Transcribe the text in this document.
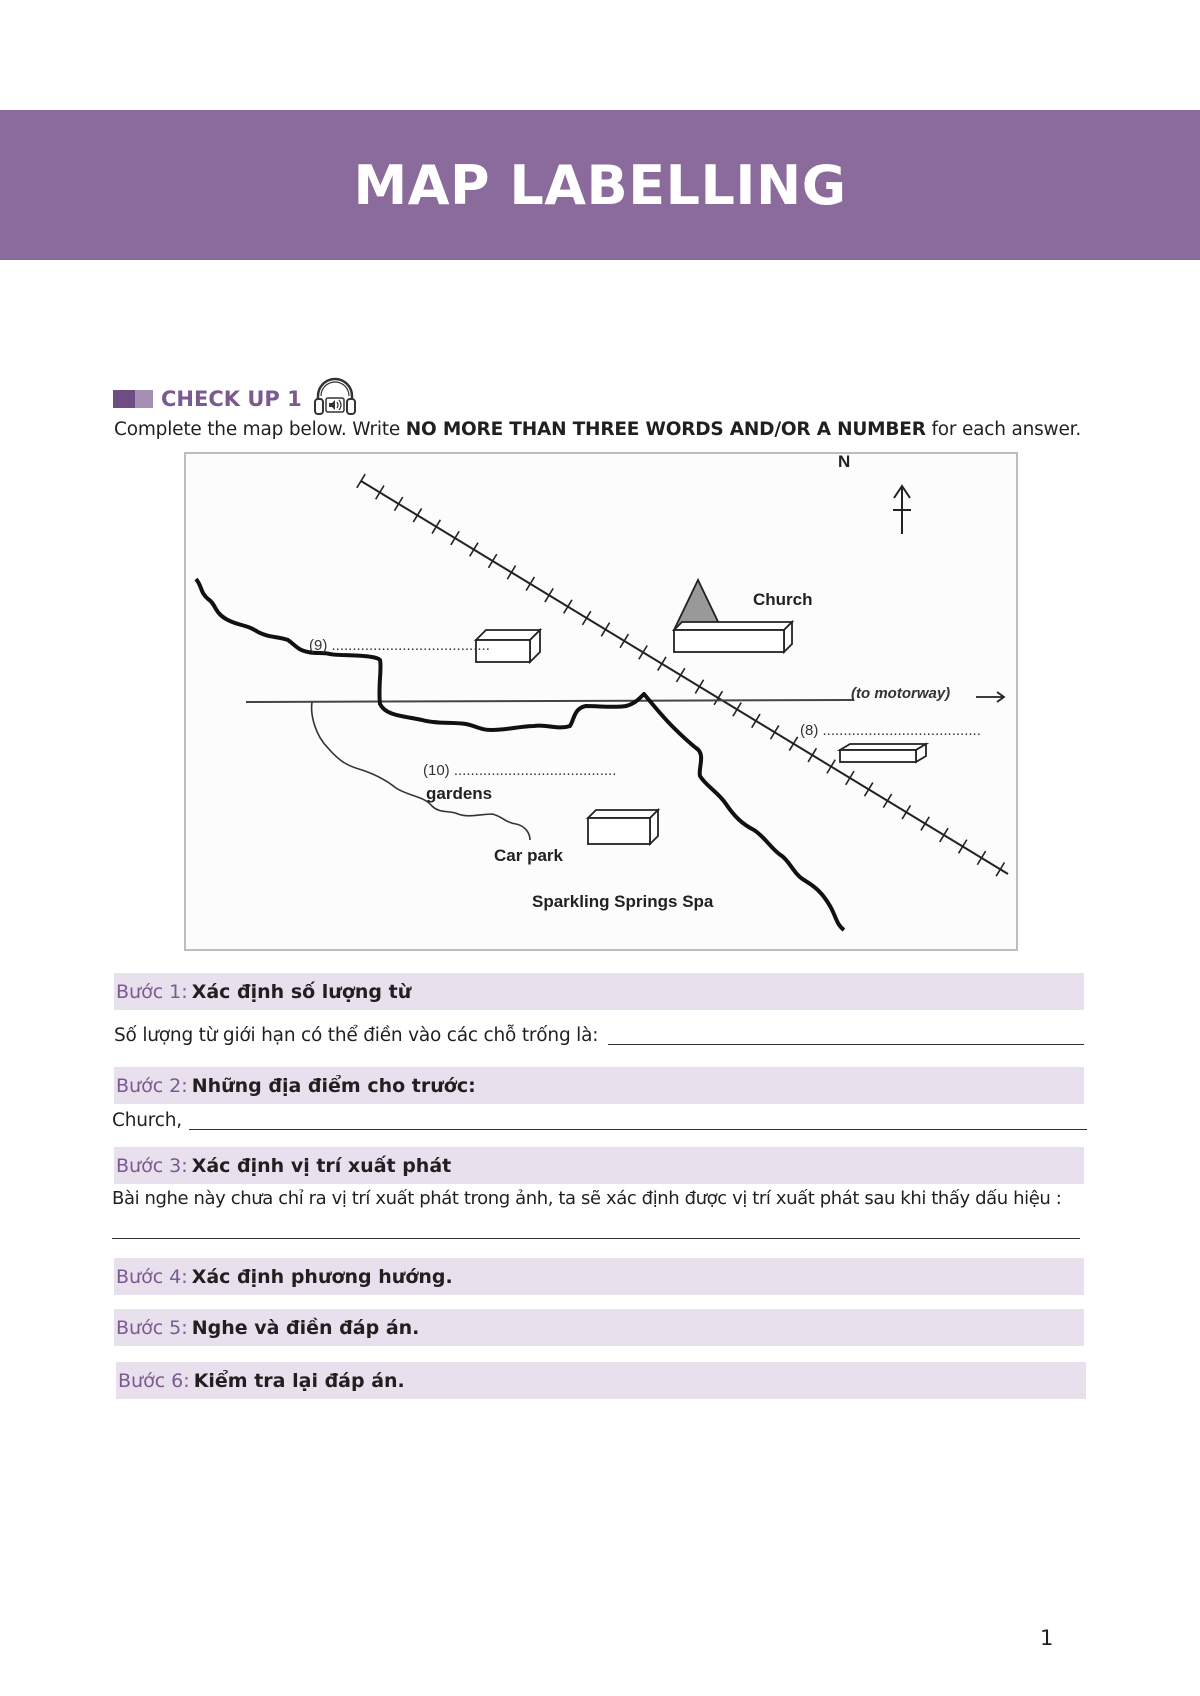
MAP LABELLING
CHECK UP 1
Complete the map below. Write NO MORE THAN THREE WORDS AND/OR A NUMBER for each answer.
N
Church
(9) ......................................
(to motorway)
(8) ......................................
(10) .......................................
gardens
Car park
Sparkling Springs Spa
Bước 1: Xác định số lượng từ
Số lượng từ giới hạn có thể điền vào các chỗ trống là:
Bước 2: Những địa điểm cho trước:
Church,
Bước 3: Xác định vị trí xuất phát
Bài nghe này chưa chỉ ra vị trí xuất phát trong ảnh, ta sẽ xác định được vị trí xuất phát sau khi thấy dấu hiệu :
Bước 4: Xác định phương hướng.
Bước 5: Nghe và điền đáp án.
Bước 6: Kiểm tra lại đáp án.
1
